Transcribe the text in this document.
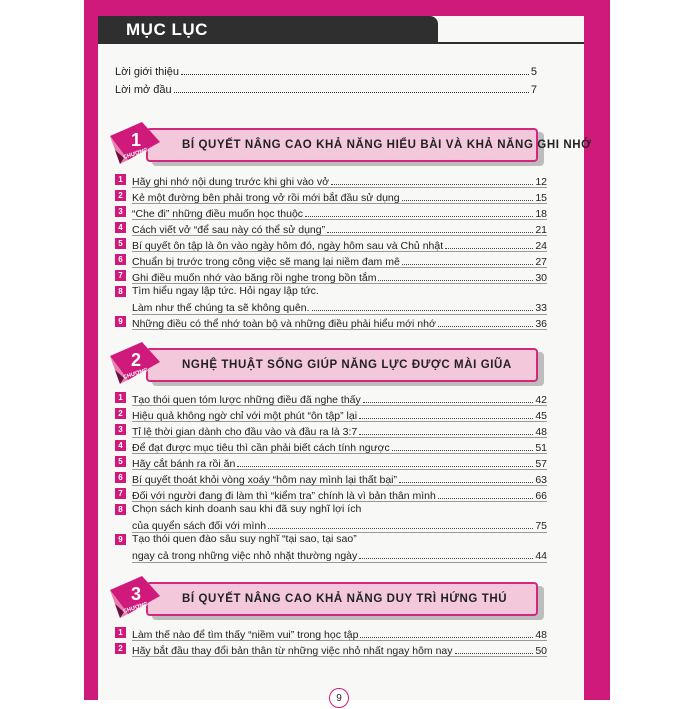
MỤC LỤC
Lời giới thiệu	5
Lời mở đầu	7
BÍ QUYẾT NÂNG CAO KHẢ NĂNG HIỂU BÀI VÀ KHẢ NĂNG GHI NHỚ
1
CHƯƠNG
1 Hãy ghi nhớ nội dung trước khi ghi vào vở	12
2 Kẻ một đường bên phải trong vở rồi mới bắt đầu sử dụng	15
3 “Che đi” những điều muốn học thuộc	18
4 Cách viết vở “để sau này có thể sử dụng”	21
5 Bí quyết ôn tập là ôn vào ngày hôm đó, ngày hôm sau và Chủ nhật	24
6 Chuẩn bị trước trong công việc sẽ mang lại niềm đam mê	27
7 Ghi điều muốn nhớ vào băng rồi nghe trong bồn tắm	30
8 Tìm hiểu ngay lập tức. Hỏi ngay lập tức.
Làm như thế chúng ta sẽ không quên.	33
9 Những điều có thể nhớ toàn bộ và những điều phải hiểu mới nhớ	36
NGHỆ THUẬT SỐNG GIÚP NĂNG LỰC ĐƯỢC MÀI GIŨA
2
CHƯƠNG
1 Tạo thói quen tóm lược những điều đã nghe thấy	42
2 Hiệu quả không ngờ chỉ với một phút “ôn tập” lại	45
3 Tỉ lệ thời gian dành cho đầu vào và đầu ra là 3:7	48
4 Để đạt được mục tiêu thì cần phải biết cách tính ngược	51
5 Hãy cắt bánh ra rồi ăn	57
6 Bí quyết thoát khỏi vòng xoáy “hôm nay mình lại thất bại”	63
7 Đối với người đang đi làm thì “kiểm tra” chính là vì bản thân mình	66
8 Chọn sách kinh doanh sau khi đã suy nghĩ lợi ích
của quyển sách đối với mình	75
9 Tạo thói quen đào sâu suy nghĩ “tại sao, tại sao”
ngay cả trong những việc nhỏ nhặt thường ngày	44
BÍ QUYẾT NÂNG CAO KHẢ NĂNG DUY TRÌ HỨNG THÚ
3
CHƯƠNG
1 Làm thế nào để tìm thấy “niềm vui” trong học tập	48
2 Hãy bắt đầu thay đổi bản thân từ những việc nhỏ nhất ngay hôm nay	50
9
